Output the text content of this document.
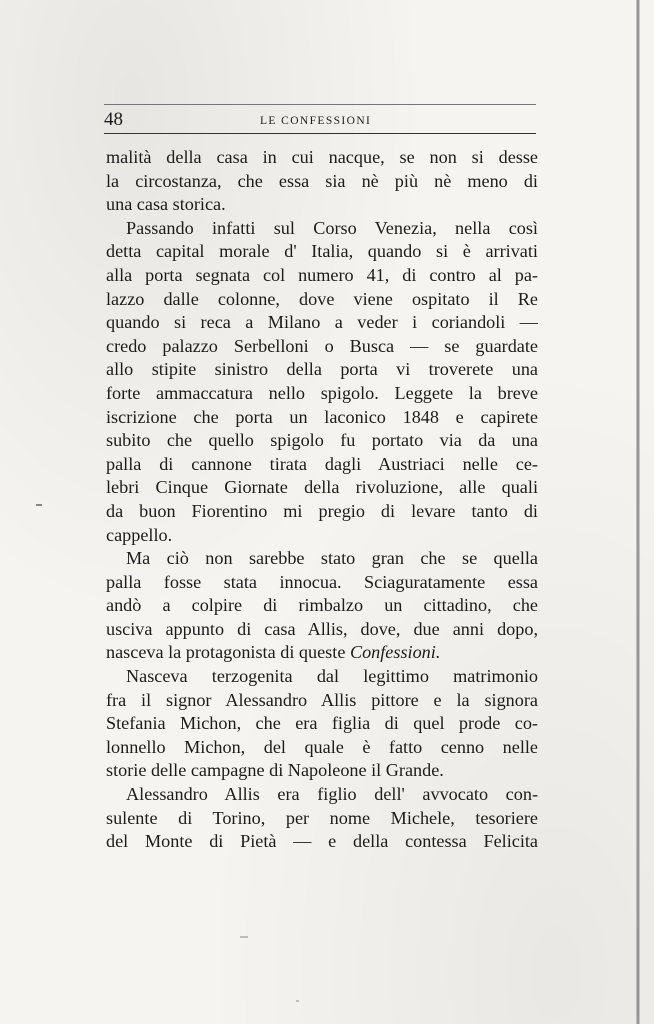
48	LE CONFESSIONI
malità della casa in cui nacque, se non si desse
la circostanza, che essa sia nè più nè meno di
una casa storica.
Passando infatti sul Corso Venezia, nella così
detta capital morale d' Italia, quando si è arrivati
alla porta segnata col numero 41, di contro al pa-
lazzo dalle colonne, dove viene ospitato il Re
quando si reca a Milano a veder i coriandoli —
credo palazzo Serbelloni o Busca — se guardate
allo stipite sinistro della porta vi troverete una
forte ammaccatura nello spigolo. Leggete la breve
iscrizione che porta un laconico 1848 e capirete
subito che quello spigolo fu portato via da una
palla di cannone tirata dagli Austriaci nelle ce-
lebri Cinque Giornate della rivoluzione, alle quali
da buon Fiorentino mi pregio di levare tanto di
cappello.
Ma ciò non sarebbe stato gran che se quella
palla fosse stata innocua. Sciaguratamente essa
andò a colpire di rimbalzo un cittadino, che
usciva appunto di casa Allis, dove, due anni dopo,
nasceva la protagonista di queste Confessioni.
Nasceva terzogenita dal legittimo matrimonio
fra il signor Alessandro Allis pittore e la signora
Stefania Michon, che era figlia di quel prode co-
lonnello Michon, del quale è fatto cenno nelle
storie delle campagne di Napoleone il Grande.
Alessandro Allis era figlio dell' avvocato con-
sulente di Torino, per nome Michele, tesoriere
del Monte di Pietà — e della contessa Felicita
